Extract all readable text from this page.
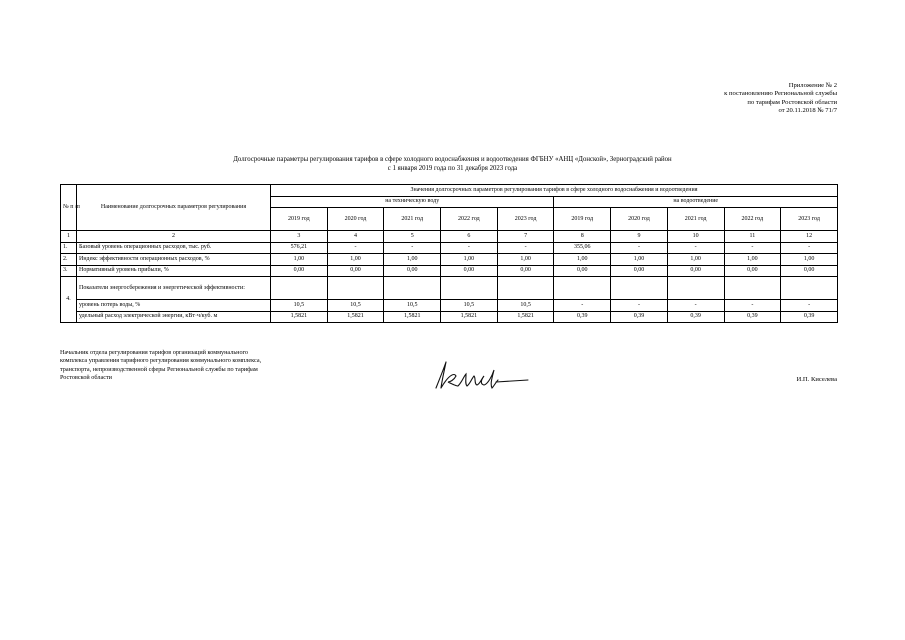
Приложение № 2
к постановлению Региональной службы
по тарифам Ростовской области
от 20.11.2018 № 71/7
Долгосрочные параметры регулирования тарифов в сфере холодного водоснабжения и водоотведения ФГБНУ «АНЦ «Донской», Зерноградский район
с 1 января 2019 года по 31 декабря 2023 года
№ п /п	Наименование долгосрочных параметров регулирования	Значения долгосрочных параметров регулирования тарифов в сфере холодного водоснабжения и водоотведения									
		на техническую воду					на водоотведение				
		2019 год	2020 год	2021 год	2022 год	2023 год	2019 год	2020 год	2021 год	2022 год	2023 год
1	2	3	4	5	6	7	8	9	10	11	12
1.	Базовый уровень операционных расходов, тыс. руб.	576,21	-	-	-	-	355,06	-	-	-	-
2.	Индекс эффективности операционных расходов, %	1,00	1,00	1,00	1,00	1,00	1,00	1,00	1,00	1,00	1,00
3.	Нормативный уровень прибыли, %	0,00	0,00	0,00	0,00	0,00	0,00	0,00	0,00	0,00	0,00
4.	Показатели энергосбережения и энергетической эффективности:										
	уровень потерь воды, %	10,5	10,5	10,5	10,5	10,5	-	-	-	-	-
	удельный расход электрической энергии, кВт·ч/куб. м	1,5821	1,5821	1,5821	1,5821	1,5821	0,39	0,39	0,39	0,39	0,39
Начальник отдела регулирования тарифов организаций коммунального
комплекса управления тарифного регулирования коммунального комплекса,
транспорта, непроизводственной сферы Региональной службы по тарифам
Ростовской области	И.П. Киселева
